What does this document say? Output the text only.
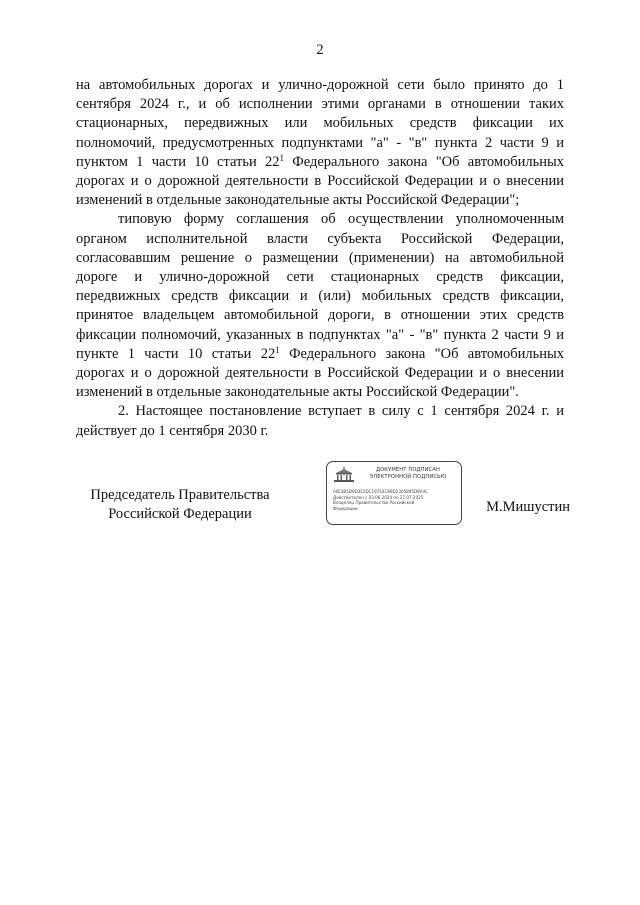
2

на автомобильных дорогах и улично-дорожной сети было принято до 1 сентября 2024 г., и об исполнении этими органами в отношении таких стационарных, передвижных или мобильных средств фиксации их полномочий, предусмотренных подпунктами "а" - "в" пункта 2 части 9 и пунктом 1 части 10 статьи $22^1$ Федерального закона "Об автомобильных дорогах и о дорожной деятельности в Российской Федерации и о внесении изменений в отдельные законодательные акты Российской Федерации";

типовую форму соглашения об осуществлении уполномоченным органом исполнительной власти субъекта Российской Федерации, согласовавшим решение о размещении (применении) на автомобильной дороге и улично-дорожной сети стационарных средств фиксации, передвижных средств фиксации и (или) мобильных средств фиксации, принятое владельцем автомобильной дороги, в отношении этих средств фиксации полномочий, указанных в подпунктах "а" - "в" пункта 2 части 9 и пункте 1 части 10 статьи $22^1$ Федерального закона "Об автомобильных дорогах и о дорожной деятельности в Российской Федерации и о внесении изменений в отдельные законодательные акты Российской Федерации".

2. Настоящее постановление вступает в силу с 1 сентября 2024 г. и действует до 1 сентября 2030 г.

Председатель Правительства
Российской Федерации
ДОКУМЕНТ ПОДПИСАН
ЭЛЕКТРОННОЙ ПОДПИСЬЮ
00E3B5D9D3E2DC197E4C89D2305895D8A4C
Действителен с 03.06.2024 по 27.07.2025
Владелец Правительство Российской
Федерации	М.Мишустин
